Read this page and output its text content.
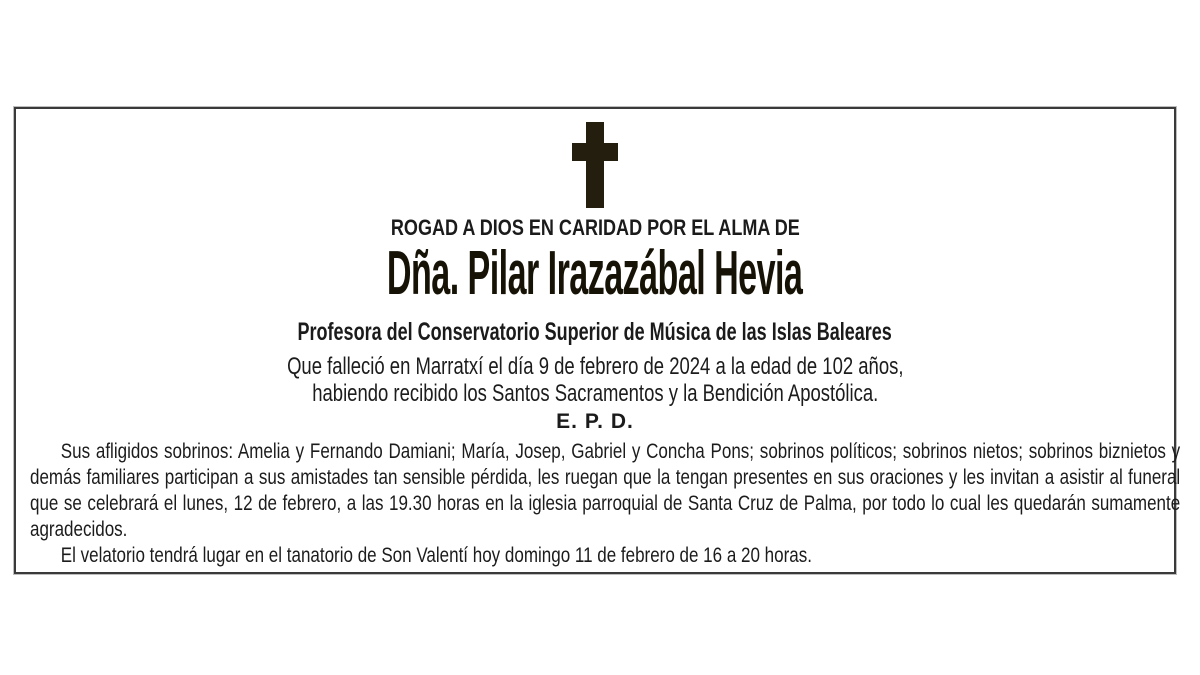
ROGAD A DIOS EN CARIDAD POR EL ALMA DE
Dña. Pilar Irazazábal Hevia
Profesora del Conservatorio Superior de Música de las Islas Baleares
Que falleció en Marratxí el día 9 de febrero de 2024 a la edad de 102 años,
habiendo recibido los Santos Sacramentos y la Bendición Apostólica.
E. P. D.

Sus afligidos sobrinos: Amelia y Fernando Damiani; María, Josep, Gabriel y Concha Pons; sobrinos políticos; sobrinos nietos; sobrinos biznietos y demás familiares participan a sus amistades tan sensible pérdida, les ruegan que la tengan presentes en sus oraciones y les invitan a asistir al funeral que se celebrará el lunes, 12 de febrero, a las 19.30 horas en la iglesia parroquial de Santa Cruz de Palma, por todo lo cual les quedarán sumamente agradecidos.

El velatorio tendrá lugar en el tanatorio de Son Valentí hoy domingo 11 de febrero de 16 a 20 horas.
